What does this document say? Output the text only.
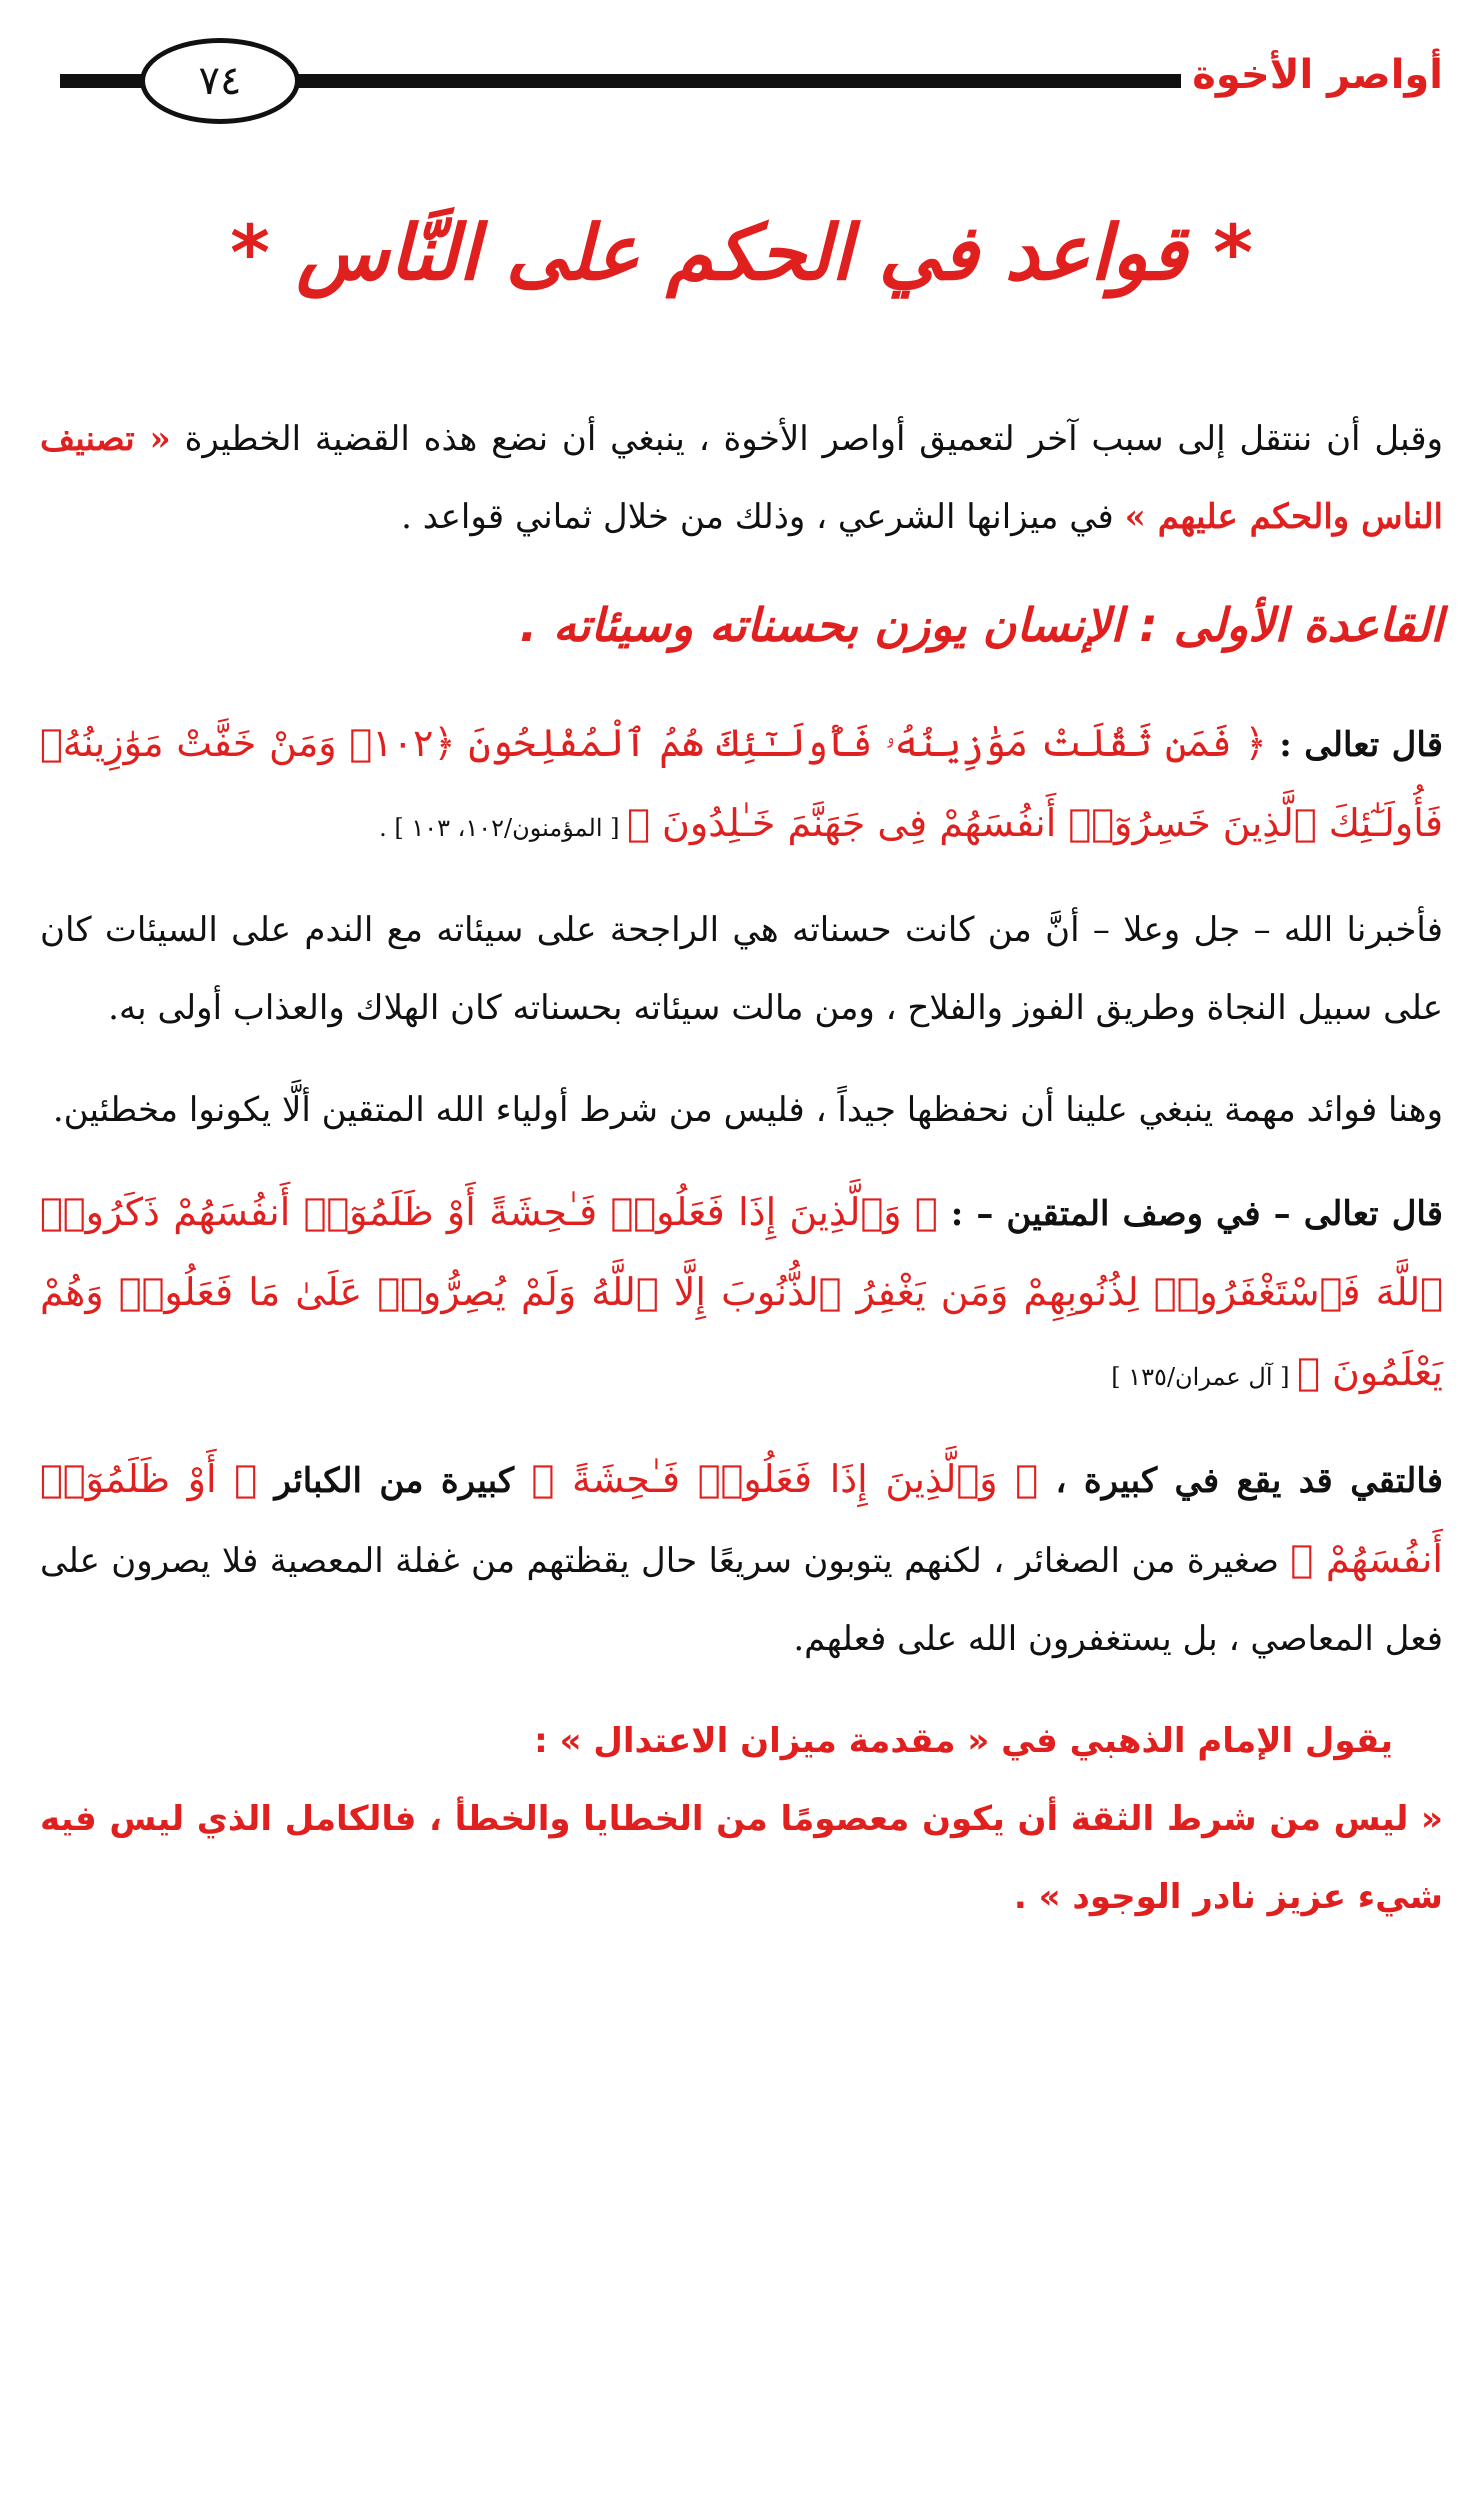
أواصر الأخوة
٧٤
* قواعد في الحكم على النَّاس *

وقبل أن ننتقل إلى سبب آخر لتعميق أواصر الأخوة ، ينبغي أن نضع هذه القضية الخطيرة « تصنيف الناس والحكم عليهم » في ميزانها الشرعي ، وذلك من خلال ثماني قواعد .

القاعدة الأولى : الإنسان يوزن بحسناته وسيئاته .

قال تعالى : ﴿ فَمَن ثَقُلَتْ مَوَٰزِينُهُۥ فَأُولَـٰٓئِكَ هُمُ ٱلْمُفْلِحُونَ ﴿١٠٢﴾ وَمَنْ خَفَّتْ مَوَٰزِينُهُۥ فَأُولَـٰٓئِكَ ٱلَّذِينَ خَسِرُوٓا۟ أَنفُسَهُمْ فِى جَهَنَّمَ خَـٰلِدُونَ ﴾ [ المؤمنون/١٠٢، ١٠٣ ] .

فأخبرنا الله – جل وعلا – أنَّ من كانت حسناته هي الراجحة على سيئاته مع الندم على السيئات كان على سبيل النجاة وطريق الفوز والفلاح ، ومن مالت سيئاته بحسناته كان الهلاك والعذاب أولى به.

وهنا فوائد مهمة ينبغي علينا أن نحفظها جيداً ، فليس من شرط أولياء الله المتقين ألَّا يكونوا مخطئين.

قال تعالى – في وصف المتقين – : ﴿ وَٱلَّذِينَ إِذَا فَعَلُوا۟ فَـٰحِشَةً أَوْ ظَلَمُوٓا۟ أَنفُسَهُمْ ذَكَرُوا۟ ٱللَّهَ فَٱسْتَغْفَرُوا۟ لِذُنُوبِهِمْ وَمَن يَغْفِرُ ٱلذُّنُوبَ إِلَّا ٱللَّهُ وَلَمْ يُصِرُّوا۟ عَلَىٰ مَا فَعَلُوا۟ وَهُمْ يَعْلَمُونَ ﴾ [ آل عمران/١٣٥ ]

فالتقي قد يقع في كبيرة ، ﴿ وَٱلَّذِينَ إِذَا فَعَلُوا۟ فَـٰحِشَةً ﴾ كبيرة من الكبائر ﴿ أَوْ ظَلَمُوٓا۟ أَنفُسَهُمْ ﴾ صغيرة من الصغائر ، لكنهم يتوبون سريعًا حال يقظتهم من غفلة المعصية فلا يصرون على فعل المعاصي ، بل يستغفرون الله على فعلهم.

يقول الإمام الذهبي في « مقدمة ميزان الاعتدال » :

« ليس من شرط الثقة أن يكون معصومًا من الخطايا والخطأ ، فالكامل الذي ليس فيه شيء عزيز نادر الوجود » .
